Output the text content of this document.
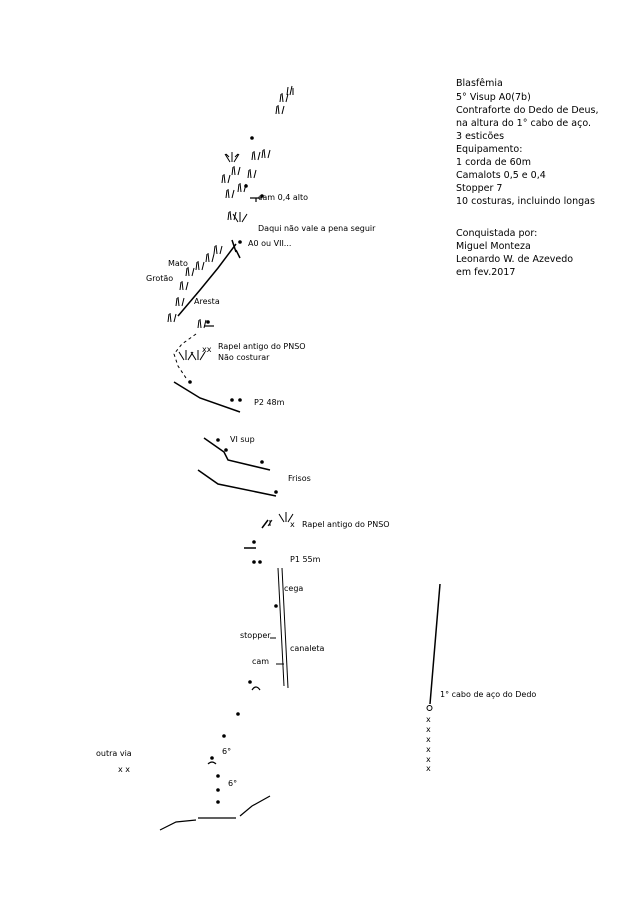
Blasfêmia
5° Visup A0(7b)
Contraforte do Dedo de Deus,
na altura do 1° cabo de aço.
3 esticões
Equipamento:
1 corda de 60m
Camalots 0,5 e 0,4
Stopper 7
10 costuras, incluindo longas
Conquistada por:
Miguel Monteza
Leonardo W. de Azevedo
em fev.2017
cam 0,4 alto
Daqui não vale a pena seguir
A0 ou VII...
Mato
Grotão
Aresta
xx Rapel antigo do PNSO
Não costurar
P2 48m
VI sup
Frisos
x Rapel antigo do PNSO
P1 55m
cega
stopper
canaleta
cam
1° cabo de aço do Dedo
outra via
x x
6°
6°
x
x
x
x
x
x
